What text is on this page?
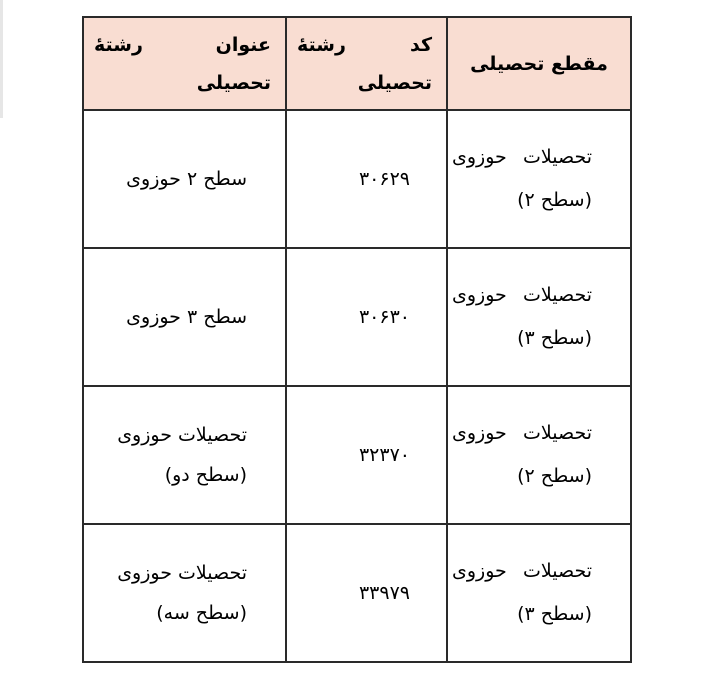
عنوان رشتهٔ تحصیلی	کد رشتهٔ تحصیلی	مقطع تحصیلی

سطح ۲ حوزوی	۳۰۶۲۹	تحصیلات حوزوی (سطح ۲)

سطح ۳ حوزوی	۳۰۶۳۰	تحصیلات حوزوی (سطح ۳)

تحصیلات حوزوی (سطح دو)	۳۲۳۷۰	تحصیلات حوزوی (سطح ۲)

تحصیلات حوزوی (سطح سه)	۳۳۹۷۹	تحصیلات حوزوی (سطح ۳)
